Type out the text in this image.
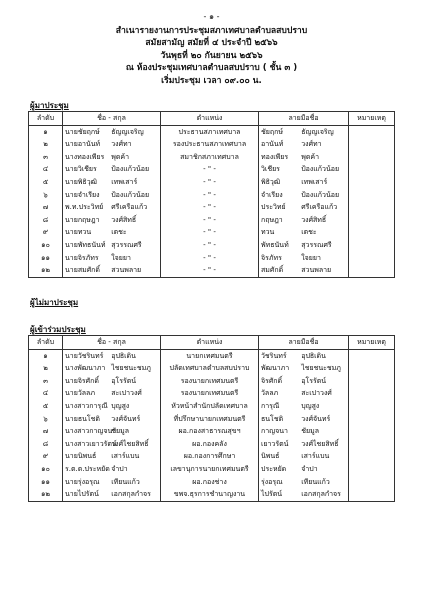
- ๑ -
สำเนารายงานการประชุมสภาเทศบาลตำบลสบปราบ
สมัยสามัญ สมัยที่ ๔ ประจำปี ๒๕๖๖
วันพุธที่ ๒๐ กันยายน ๒๕๖๖
ณ ห้องประชุมเทศบาลตำบลสบปราบ ( ชั้น ๓ )
เริ่มประชุม เวลา ๐๙.๐๐ น.
ผู้มาประชุม
ลำดับ	ชื่อ - สกุล	ตำแหน่ง	ลายมือชื่อ	หมายเหตุ
๑	นายชัยฤกษ์ ธัญญเจริญ	ประธานสภาเทศบาล	ชัยฤกษ์ ธัญญเจริญ	
๒	นายอานันท์ วงศ์ทา	รองประธานสภาเทศบาล	อานันท์ วงศ์ทา	
๓	นางทองเพียร พุดค้า	สมาชิกสภาเทศบาล	ทองเพียร พุดค้า	
๔	นายวิเชียร ป้องแก้วน้อย	- " -	วิเชียร ป้องแก้วน้อย	
๕	นายพิธิวุฒิ เทพเสาร์	- " -	พิธิวุฒิ เทพเสาร์	
๖	นายจำเรียง ป้องแก้วน้อย	- " -	จำเรียง ป้องแก้วน้อย	
๗	พ.ท.ประวิทย์ ศรีเครือแก้ว	- " -	ประวิทย์ ศรีเครือแก้ว	
๘	นายกฤษฎา วงศ์สิทธิ์	- " -	กฤษฎา วงศ์สิทธิ์	
๙	นายทวน เตชะ	- " -	ทวน เตชะ	
๑๐	นายพัทธนันท์ สุวรรณศรี	- " -	พัทธนันท์ สุวรรณศรี	
๑๑	นายจิรภัทร ใจยยา	- " -	จิรภัทร ใจยยา	
๑๒	นายสมศักดิ์ สวนพลาย	- " -	สมศักดิ์ สวนพลาย	
ผู้ไม่มาประชุม
ผู้เข้าร่วมประชุม
ลำดับ	ชื่อ - สกุล	ตำแหน่ง	ลายมือชื่อ	หมายเหตุ
๑	นายวัชรินทร์ อุปธิเดิน	นายกเทศมนตรี	วัชรินทร์ อุปธิเดิน	
๒	นางพัฒนาภา ไชยชนะชมภู	ปลัดเทศบาลตำบลสบปราบ	พัฒนาภา ไชยชนะชมภู	
๓	นายจิรศักดิ์ อุโรรัตน์	รองนายกเทศมนตรี	จิรศักดิ์ อุโรรัตน์	
๔	นายวัลลภ สะเปาวงศ์	รองนายกเทศมนตรี	วัลลภ สะเปาวงศ์	
๕	นางสาวการุณี บุญสูง	หัวหน้าสำนักปลัดเทศบาล	การุณี บุญสูง	
๖	นายธนโชติ วงศ์จันทร์	ที่ปรึกษานายกเทศมนตรี	ธนโชติ วงศ์จันทร์	
๗	นางสาวกาญจนา ชัยมูล	ผอ.กองสาธารณสุขฯ	กาญจนา ชัยมูล	
๘	นางสาวเยาวรัตน์ วงศ์ไชยสิทธิ์	ผอ.กองคลัง	เยาวรัตน์ วงศ์ไชยสิทธิ์	
๙	นายนิพนธ์ เสาร์แบน	ผอ.กองการศึกษา	นิพนธ์ เสาร์แบน	
๑๐	ร.ต.ต.ประหยัด จำปา	เลขานุการนายกเทศมนตรี	ประหยัด จำปา	
๑๑	นายรุ่งอรุณ เทียนแก้ว	ผอ.กองช่าง	รุ่งอรุณ เทียนแก้ว	
๑๒	นายไปรัตน์ เอกสกุลกำจร	ขพจ.ธุรการชำนาญงาน	ไปรัตน์ เอกสกุลกำจร	
